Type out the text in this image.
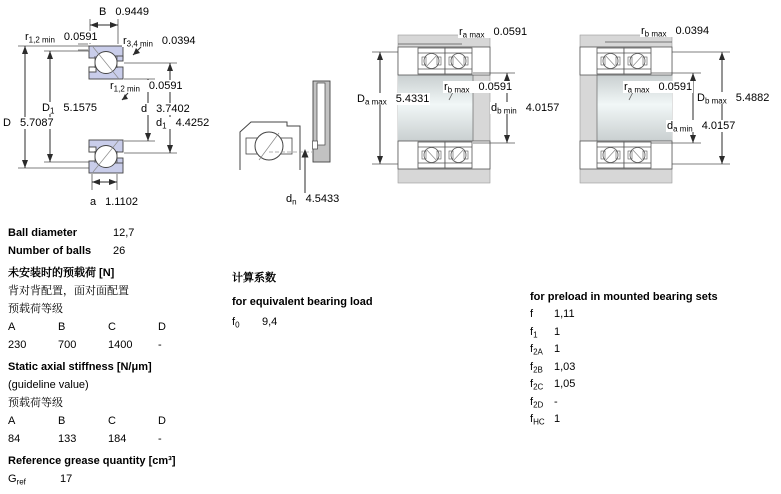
B 0.9449
$r_{1,2 min}$ 0.0591 $r_{3,4 min}$ 0.0394
$r_{1,2 min}$ 0.0591
$D_1$ 5.1575	d 3.7402
D 5.7087	$d_1$ 4.4252
a 1.1102	$d_n$ 4.5433
$r_{a max}$ 0.0591
$D_{a max}$ 5.4331
$r_{b max}$ 0.0591
$d_{b min}$ 4.0157
$r_{b max}$ 0.0394
$r_{a max}$ 0.0591
$D_{b max}$ 5.4882
$d_{a min}$ 4.0157
Ball diameter	12,7
Number of balls	26
未安装时的预载荷 [N]
背对背配置，面对面配置
预载荷等级
A	B	C	D
230	700	1400 -
Static axial stiffness [N/μm]
(guideline value)
预载荷等级
A	B	C	D
84	133	184	-
Reference grease quantity [cm³]
$G_{ref}$	17
计算系数
for equivalent bearing load
$f_0$	9,4
for preload in mounted bearing sets
f	1,11
$f_1$	1
$f_{2A}$	1
$f_{2B}$	1,03
$f_{2C}$ 1,05
$f_{2D}$ -
$f_{HC}$ 1
